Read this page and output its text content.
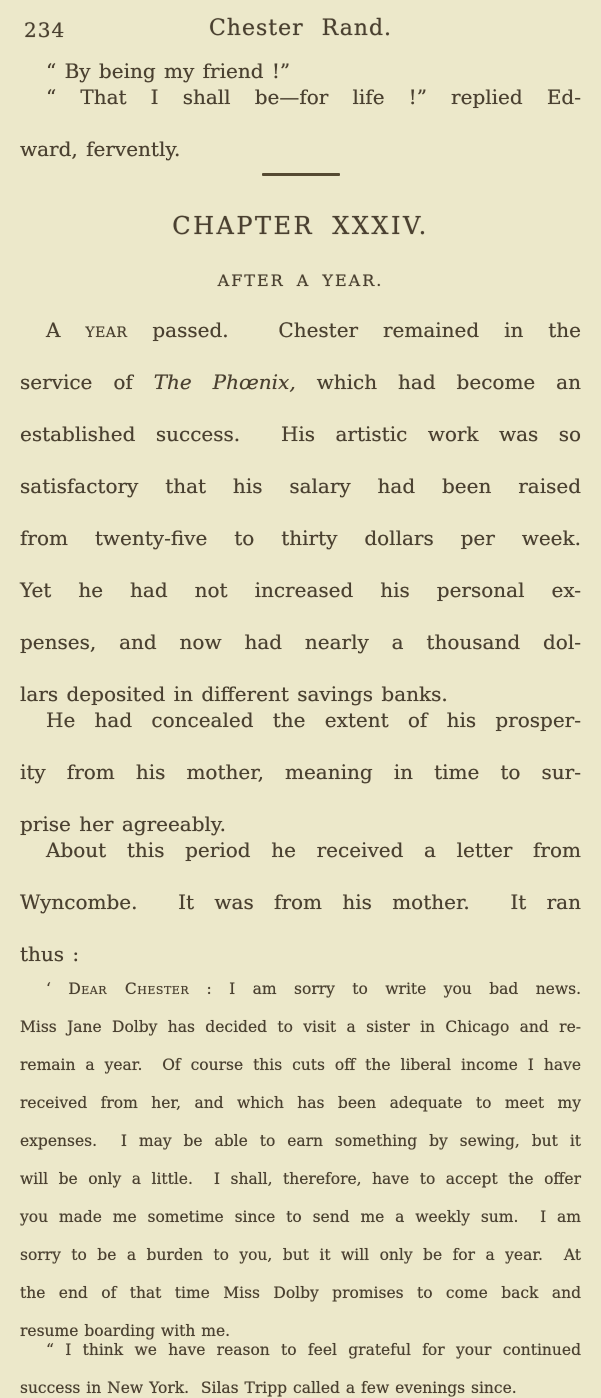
234	Chester Rand.

“ By being my friend !”

“ That I shall be—for life !” replied Ed-
ward, fervently.

CHAPTER XXXIV.
AFTER A YEAR.

A year passed.  Chester remained in the
service of The Phœnix, which had become an
established success.  His artistic work was so
satisfactory that his salary had been raised
from twenty-five to thirty dollars per week.
Yet he had not increased his personal ex-
penses, and now had nearly a thousand dol-
lars deposited in different savings banks.

He had concealed the extent of his prosper-
ity from his mother, meaning in time to sur-
prise her agreeably.

About this period he received a letter from
Wyncombe.  It was from his mother.  It ran
thus :

‘ Dear Chester : I am sorry to write you bad news.
Miss Jane Dolby has decided to visit a sister in Chicago and re-
remain a year.  Of course this cuts off the liberal income I have
received from her, and which has been adequate to meet my
expenses.  I may be able to earn something by sewing, but it
will be only a little.  I shall, therefore, have to accept the offer
you made me sometime since to send me a weekly sum.  I am
sorry to be a burden to you, but it will only be for a year.  At
the end of that time Miss Dolby promises to come back and
resume boarding with me.

“ I think we have reason to feel grateful for your continued
success in New York.  Silas Tripp called a few evenings since.
